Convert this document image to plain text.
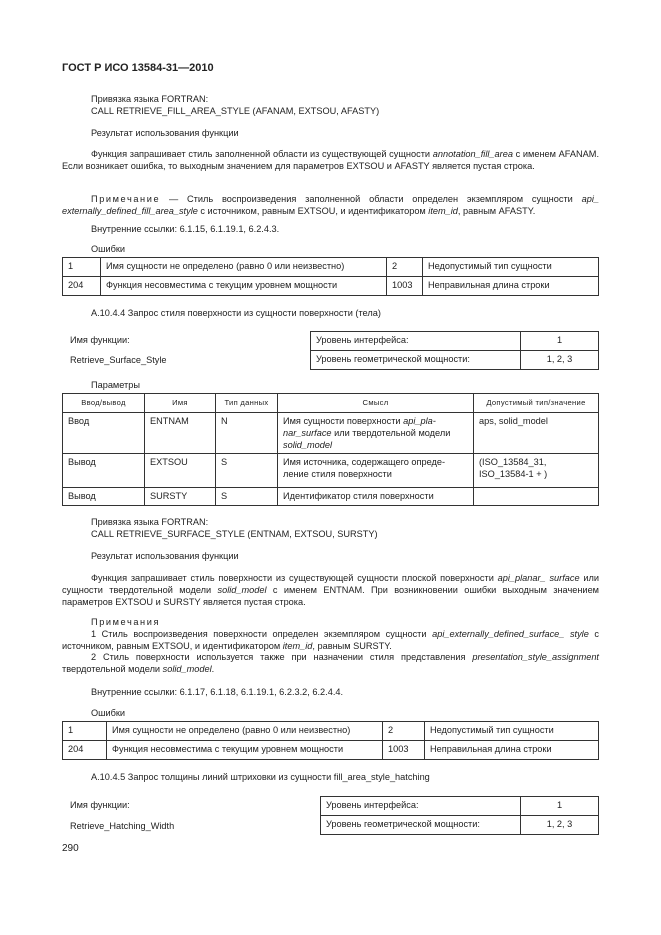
ГОСТ Р ИСО 13584-31—2010
Привязка языка FORTRAN:
CALL RETRIEVE_FILL_AREA_STYLE (AFANAM, EXTSOU, AFASTY)
Результат использования функции
Функция запрашивает стиль заполненной области из существующей сущности annotation_fill_area с именем AFANAM. Если возникает ошибка, то выходным значением для параметров EXTSOU и AFASTY является пустая строка.
Примечание — Стиль воспроизведения заполненной области определен экземпляром сущности api_ externally_defined_fill_area_style с источником, равным EXTSOU, и идентификатором item_id, равным AFASTY.
Внутренние ссылки: 6.1.15, 6.1.19.1, 6.2.4.3.
Ошибки
1	Имя сущности не определено (равно 0 или неизвестно)	2	Недопустимый тип сущности
204	Функция несовместима с текущим уровнем мощности	1003	Неправильная длина строки
А.10.4.4 Запрос стиля поверхности из сущности поверхности (тела)
Имя функции:
Retrieve_Surface_Style
Уровень интерфейса:	1
Уровень геометрической мощности:	1, 2, 3
Параметры
Ввод/вывод	Имя	Тип данных	Смысл	Допустимый тип/значение
Ввод	ENTNAM	N	Имя сущности поверхности api_pla- nar_surface или твердотельной модели solid_model	aps, solid_model
Вывод	EXTSOU	S	Имя источника, содержащего опреде- ление стиля поверхности	(ISO_13584_31, ISO_13584-1 + )
Вывод	SURSTY	S	Идентификатор стиля поверхности	
Привязка языка FORTRAN:
CALL RETRIEVE_SURFACE_STYLE (ENTNAM, EXTSOU, SURSTY)
Результат использования функции
Функция запрашивает стиль поверхности из существующей сущности плоской поверхности api_planar_ surface или сущности твердотельной модели solid_model с именем ENTNAM. При возникновении ошибки выходным значением параметров EXTSOU и SURSTY является пустая строка.
Примечания
1 Стиль воспроизведения поверхности определен экземпляром сущности api_externally_defined_surface_ style с источником, равным EXTSOU, и идентификатором item_id, равным SURSTY.
2 Стиль поверхности используется также при назначении стиля представления presentation_style_assignment твердотельной модели solid_model.
Внутренние ссылки: 6.1.17, 6.1.18, 6.1.19.1, 6.2.3.2, 6.2.4.4.
Ошибки
1	Имя сущности не определено (равно 0 или неизвестно)	2	Недопустимый тип сущности
204	Функция несовместима с текущим уровнем мощности	1003	Неправильная длина строки
А.10.4.5 Запрос толщины линий штриховки из сущности fill_area_style_hatching
Имя функции:
Retrieve_Hatching_Width
Уровень интерфейса:	1
Уровень геометрической мощности:	1, 2, 3
290
